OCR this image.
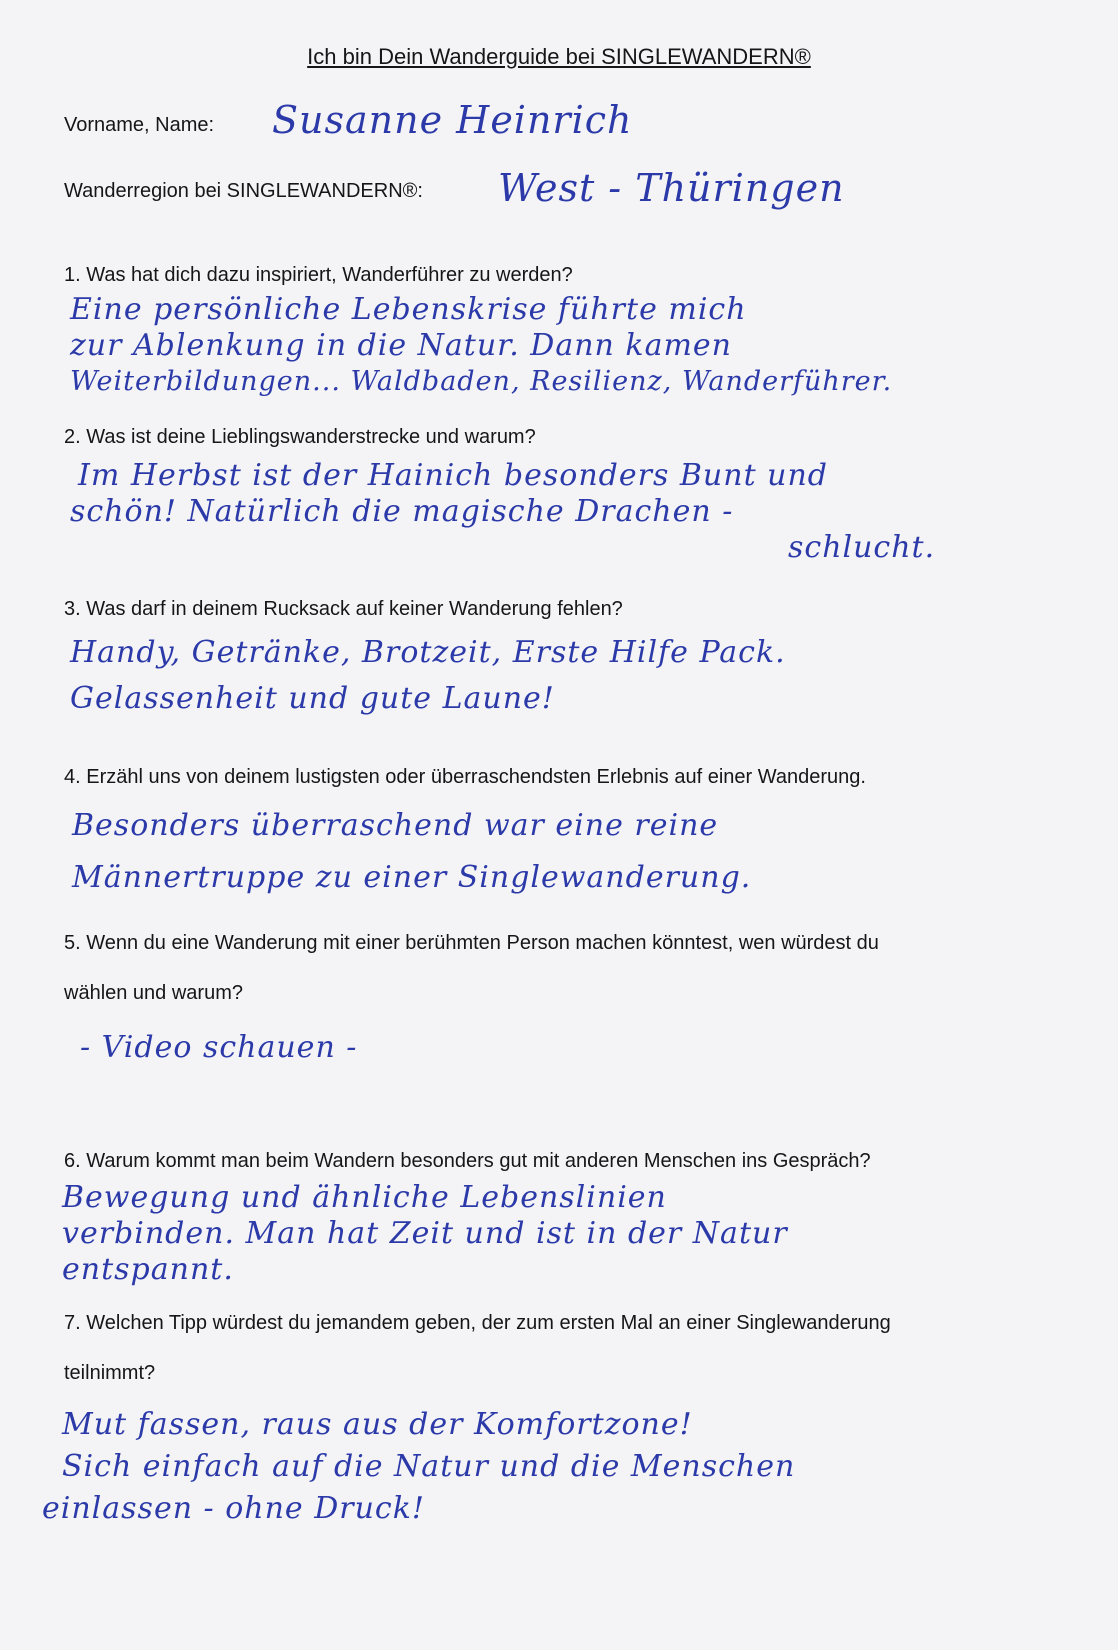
Ich bin Dein Wanderguide bei SINGLEWANDERN®
Vorname, Name: Susanne Heinrich
Wanderregion bei SINGLEWANDERN®: West - Thüringen
1. Was hat dich dazu inspiriert, Wanderführer zu werden?
Eine persönliche Lebenskrise führte mich
zur Ablenkung in die Natur. Dann kamen
Weiterbildungen... Waldbaden, Resilienz, Wanderführer.
2. Was ist deine Lieblingswanderstrecke und warum?
Im Herbst ist der Hainich besonders Bunt und
schön! Natürlich die magische Drachen -
schlucht.
3. Was darf in deinem Rucksack auf keiner Wanderung fehlen?
Handy, Getränke, Brotzeit, Erste Hilfe Pack.
Gelassenheit und gute Laune!
4. Erzähl uns von deinem lustigsten oder überraschendsten Erlebnis auf einer Wanderung.
Besonders überraschend war eine reine
Männertruppe zu einer Singlewanderung.
5. Wenn du eine Wanderung mit einer berühmten Person machen könntest, wen würdest du
wählen und warum?
- Video schauen -
6. Warum kommt man beim Wandern besonders gut mit anderen Menschen ins Gespräch?
Bewegung und ähnliche Lebenslinien
verbinden. Man hat Zeit und ist in der Natur
entspannt.
7. Welchen Tipp würdest du jemandem geben, der zum ersten Mal an einer Singlewanderung
teilnimmt?
Mut fassen, raus aus der Komfortzone!
Sich einfach auf die Natur und die Menschen
einlassen - ohne Druck!
